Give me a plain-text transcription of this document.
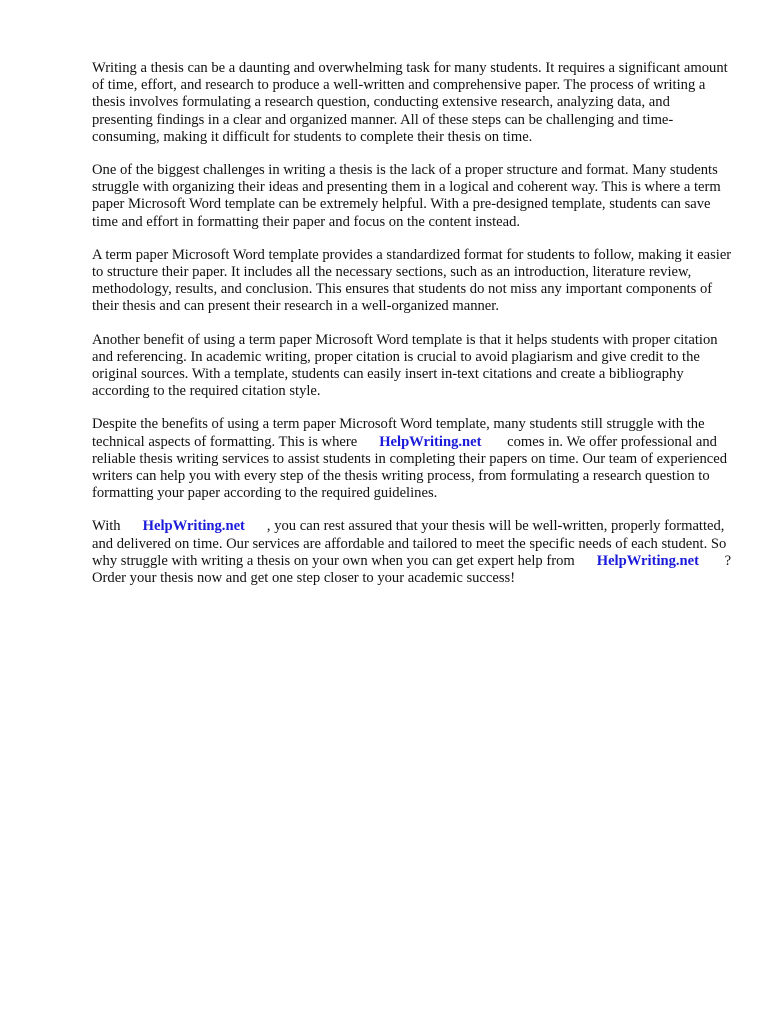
Writing a thesis can be a daunting and overwhelming task for many students. It requires a significant amount of time, effort, and research to produce a well-written and comprehensive paper. The process of writing a thesis involves formulating a research question, conducting extensive research, analyzing data, and presenting findings in a clear and organized manner. All of these steps can be challenging and time-consuming, making it difficult for students to complete their thesis on time.

One of the biggest challenges in writing a thesis is the lack of a proper structure and format. Many students struggle with organizing their ideas and presenting them in a logical and coherent way. This is where a term paper Microsoft Word template can be extremely helpful. With a pre-designed template, students can save time and effort in formatting their paper and focus on the content instead.

A term paper Microsoft Word template provides a standardized format for students to follow, making it easier to structure their paper. It includes all the necessary sections, such as an introduction, literature review, methodology, results, and conclusion. This ensures that students do not miss any important components of their thesis and can present their research in a well-organized manner.

Another benefit of using a term paper Microsoft Word template is that it helps students with proper citation and referencing. In academic writing, proper citation is crucial to avoid plagiarism and give credit to the original sources. With a template, students can easily insert in-text citations and create a bibliography according to the required citation style.

Despite the benefits of using a term paper Microsoft Word template, many students still struggle with the technical aspects of formatting. This is where HelpWriting.net comes in. We offer professional and reliable thesis writing services to assist students in completing their papers on time. Our team of experienced writers can help you with every step of the thesis writing process, from formulating a research question to formatting your paper according to the required guidelines.

With HelpWriting.net , you can rest assured that your thesis will be well-written, properly formatted, and delivered on time. Our services are affordable and tailored to meet the specific needs of each student. So why struggle with writing a thesis on your own when you can get expert help from HelpWriting.net ? Order your thesis now and get one step closer to your academic success!
